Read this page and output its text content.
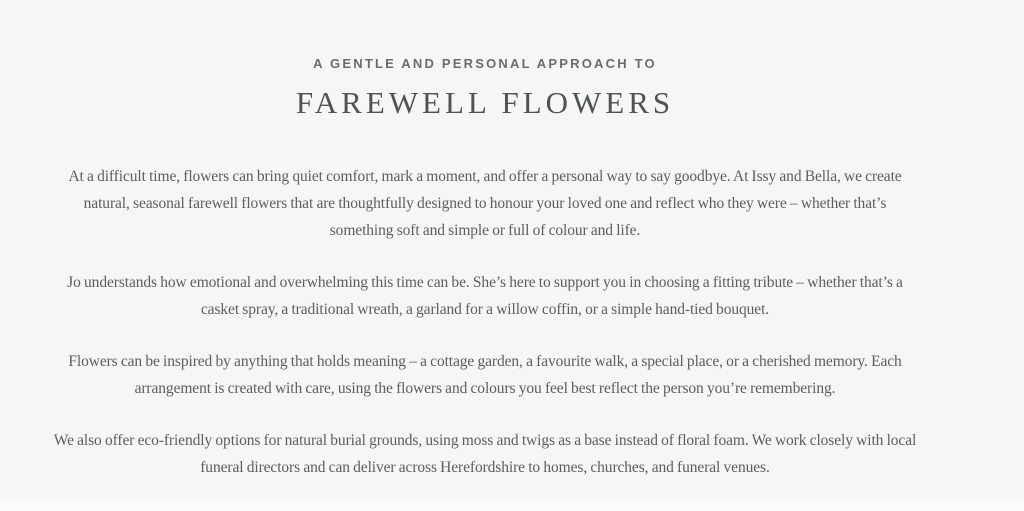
A GENTLE AND PERSONAL APPROACH TO
FAREWELL FLOWERS

At a difficult time, flowers can bring quiet comfort, mark a moment, and offer a personal way to say goodbye. At Issy and Bella, we create natural, seasonal farewell flowers that are thoughtfully designed to honour your loved one and reflect who they were – whether that’s something soft and simple or full of colour and life.

Jo understands how emotional and overwhelming this time can be. She’s here to support you in choosing a fitting tribute – whether that’s a casket spray, a traditional wreath, a garland for a willow coffin, or a simple hand-tied bouquet.

Flowers can be inspired by anything that holds meaning – a cottage garden, a favourite walk, a special place, or a cherished memory. Each arrangement is created with care, using the flowers and colours you feel best reflect the person you’re remembering.

We also offer eco-friendly options for natural burial grounds, using moss and twigs as a base instead of floral foam. We work closely with local funeral directors and can deliver across Herefordshire to homes, churches, and funeral venues.
